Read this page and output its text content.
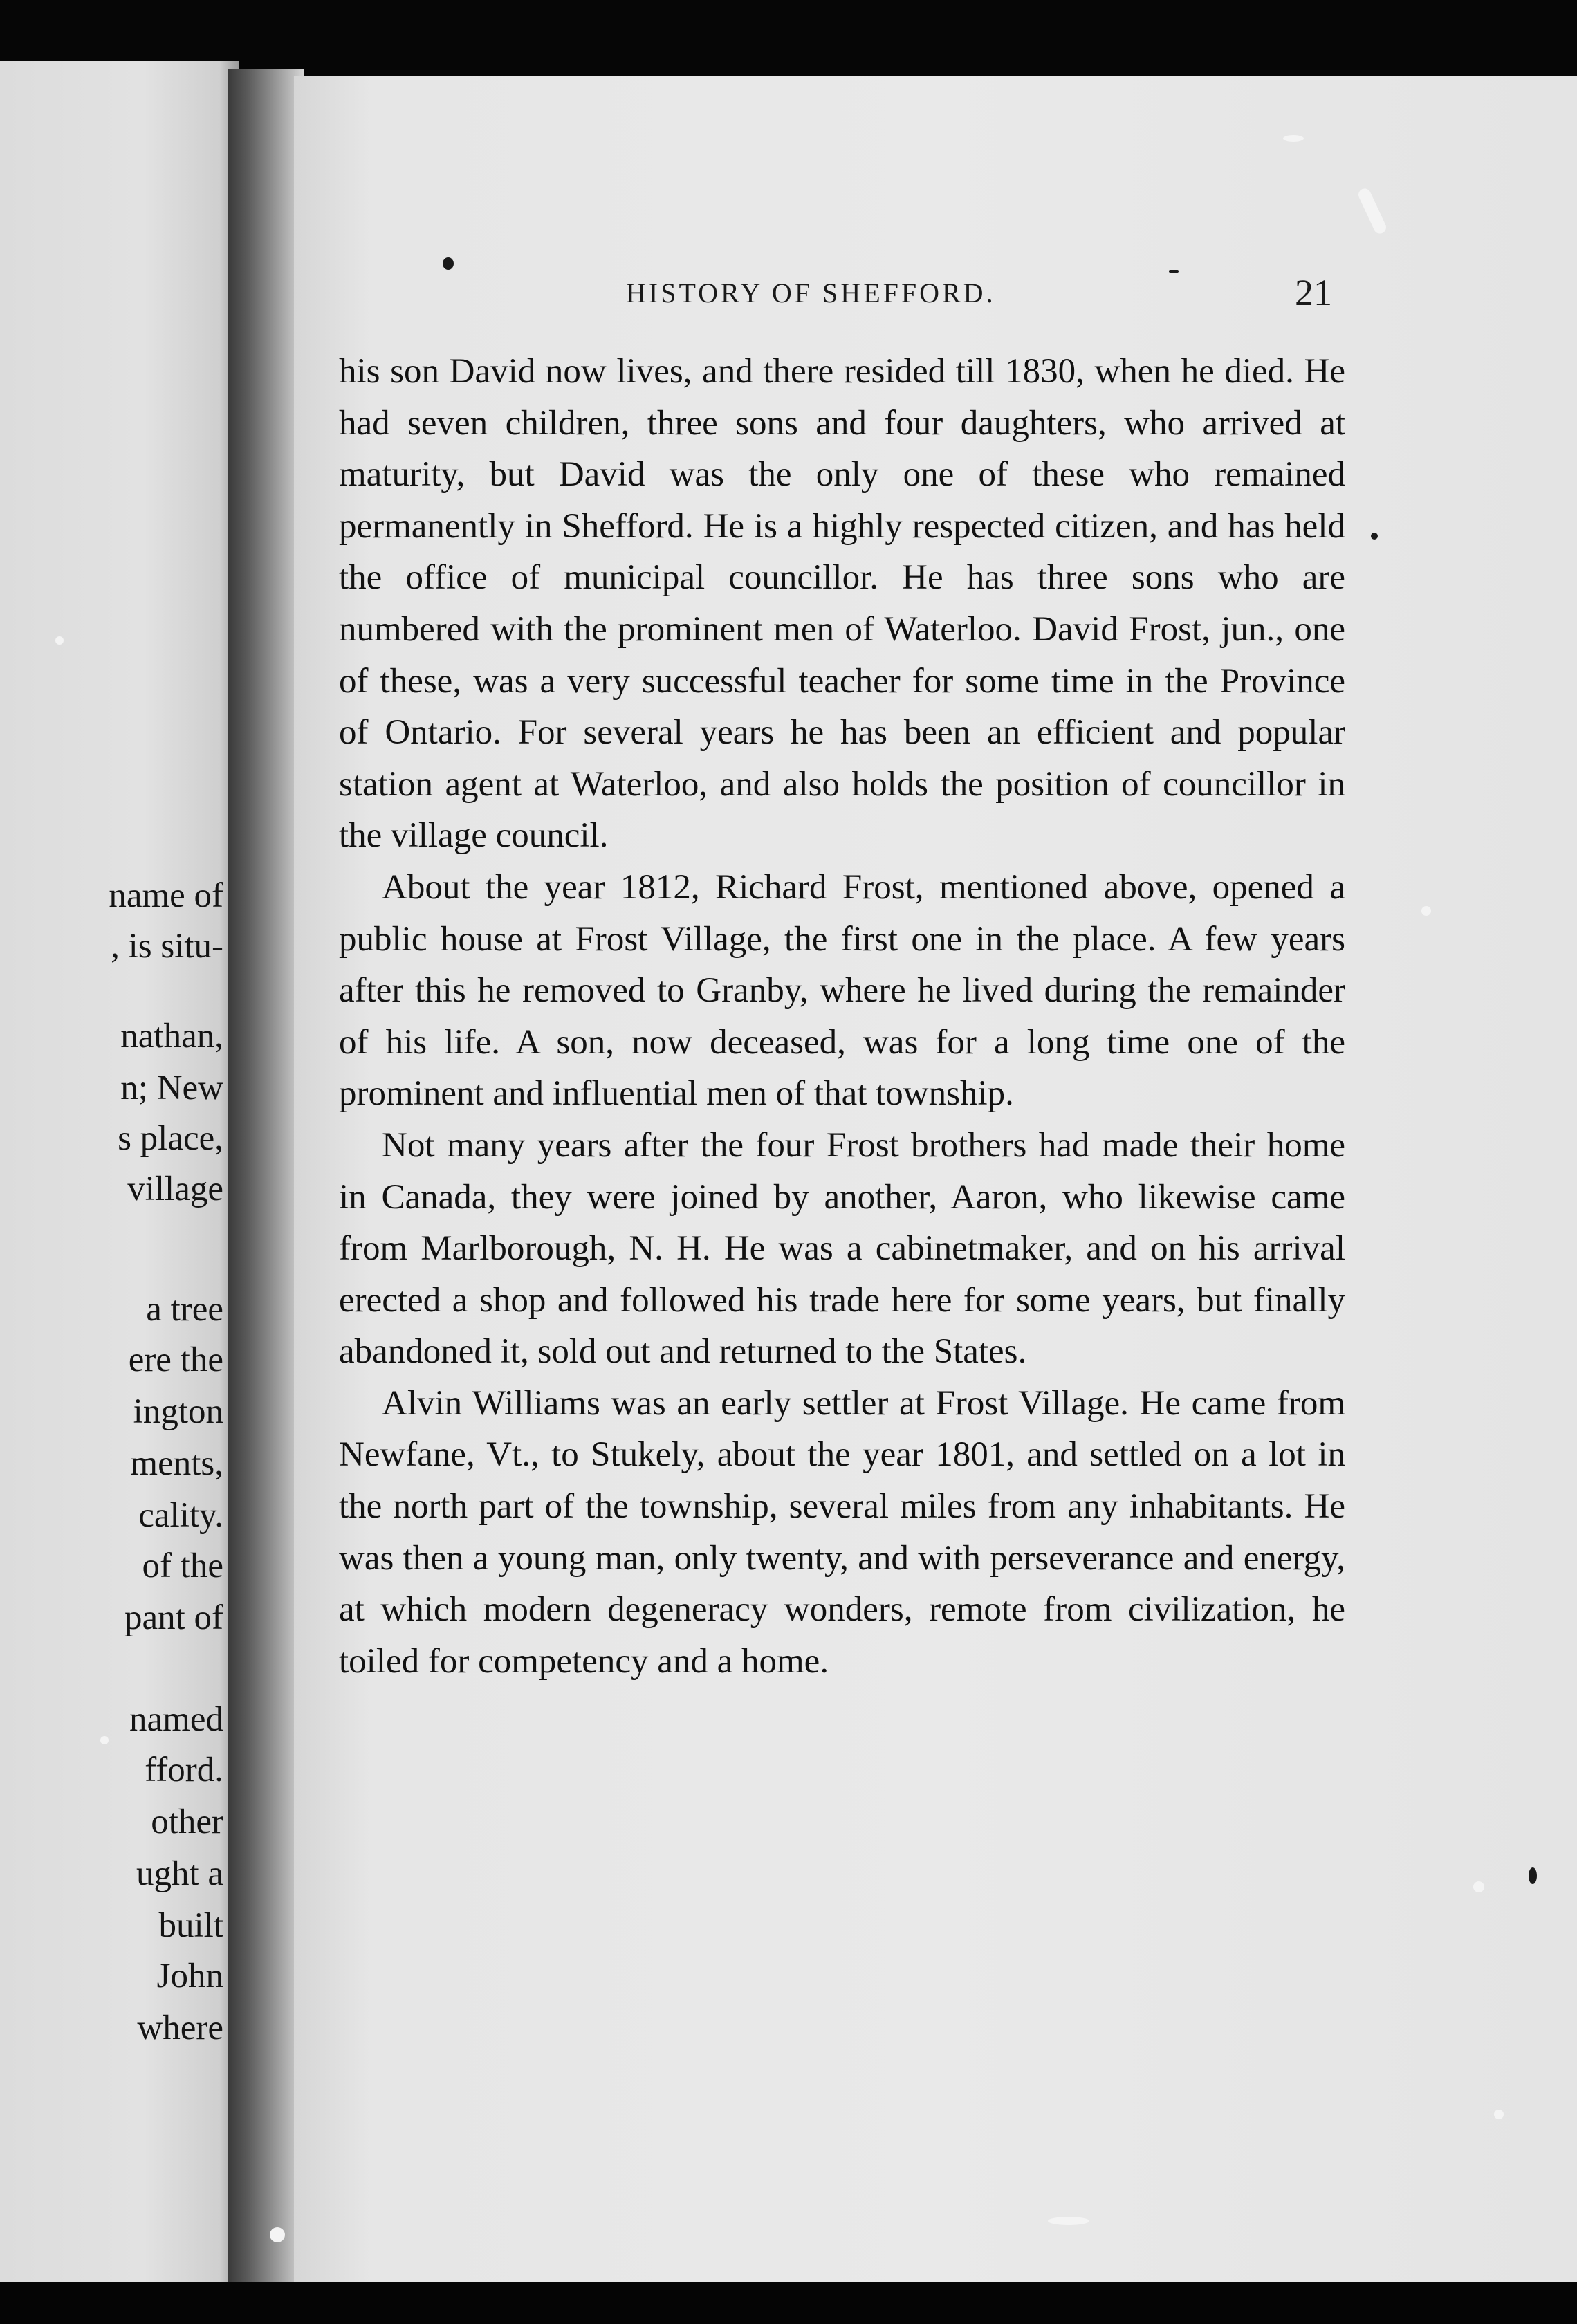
name of

, is situ-

nathan,

n; New

s place,

village

a tree

ere the

ington

ments,

cality.

of the

pant of

named

fford.

other

ught a

built

John

where

HISTORY OF SHEFFORD.	21

his son David now lives, and there resided till 1830, when he died. He had seven children, three sons and four daughters, who arrived at maturity, but David was the only one of these who remained permanently in Shefford. He is a highly respected citizen, and has held the office of municipal councillor. He has three sons who are numbered with the prominent men of Waterloo. David Frost, jun., one of these, was a very successful teacher for some time in the Province of Ontario. For several years he has been an efficient and popular station agent at Waterloo, and also holds the position of councillor in the village council.

About the year 1812, Richard Frost, mentioned above, opened a public house at Frost Village, the first one in the place. A few years after this he removed to Granby, where he lived during the remainder of his life. A son, now deceased, was for a long time one of the prominent and influential men of that township.

Not many years after the four Frost brothers had made their home in Canada, they were joined by another, Aaron, who likewise came from Marlborough, N. H. He was a cabinetmaker, and on his arrival erected a shop and followed his trade here for some years, but finally abandoned it, sold out and returned to the States.

Alvin Williams was an early settler at Frost Village. He came from Newfane, Vt., to Stukely, about the year 1801, and settled on a lot in the north part of the township, several miles from any inhabitants. He was then a young man, only twenty, and with perseverance and energy, at which modern degeneracy wonders, remote from civilization, he toiled for competency and a home.
